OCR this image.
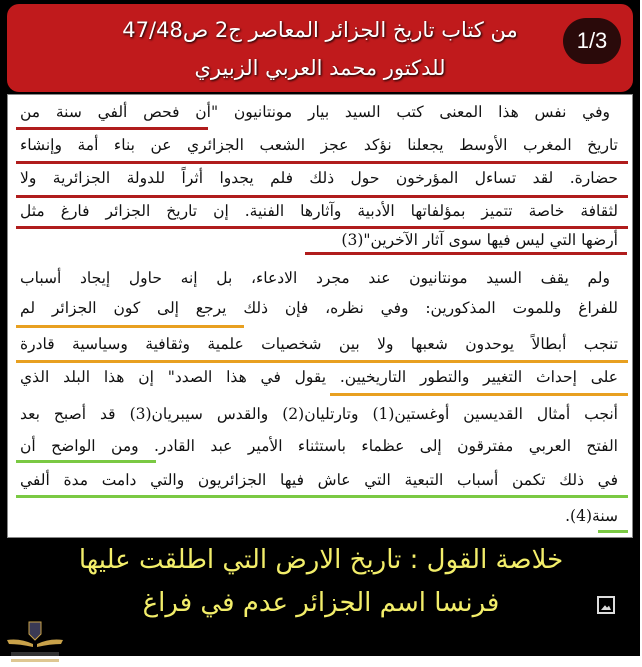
1/3
من كتاب تاريخ الجزائر المعاصر ج2 ص47/48
للدكتور محمد العربي الزبيري
وفي نفس هذا المعنى كتب السيد بيار مونتانيون "أن فحص ألفي سنة من
تاريخ المغرب الأوسط يجعلنا نؤكد عجز الشعب الجزائري عن بناء أمة وإنشاء
حضارة. لقد تساءل المؤرخون حول ذلك فلم يجدوا أثراً للدولة الجزائرية ولا
لثقافة خاصة تتميز بمؤلفاتها الأدبية وآثارها الفنية. إن تاريخ الجزائر فارغ مثل
أرضها التي ليس فيها سوى آثار الآخرين"(3)
ولم يقف السيد مونتانيون عند مجرد الادعاء، بل إنه حاول إيجاد أسباب
للفراغ وللموت المذكورين: وفي نظره، فإن ذلك يرجع إلى كون الجزائر لم
تنجب أبطالاً يوحدون شعبها ولا بين شخصيات علمية وثقافية وسياسية قادرة
على إحداث التغيير والتطور التاريخيين. يقول في هذا الصدد" إن هذا البلد الذي
أنجب أمثال القديسين أوغستين(1) وتارتليان(2) والقدس سيبريان(3) قد أصبح بعد
الفتح العربي مفترقون إلى عظماء باستثناء الأمير عبد القادر. ومن الواضح أن
في ذلك تكمن أسباب التبعية التي عاش فيها الجزائريون والتي دامت مدة ألفي
سنة(4).
خلاصة القول : تاريخ الارض التي اطلقت عليها
فرنسا اسم الجزائر عدم في فراغ
